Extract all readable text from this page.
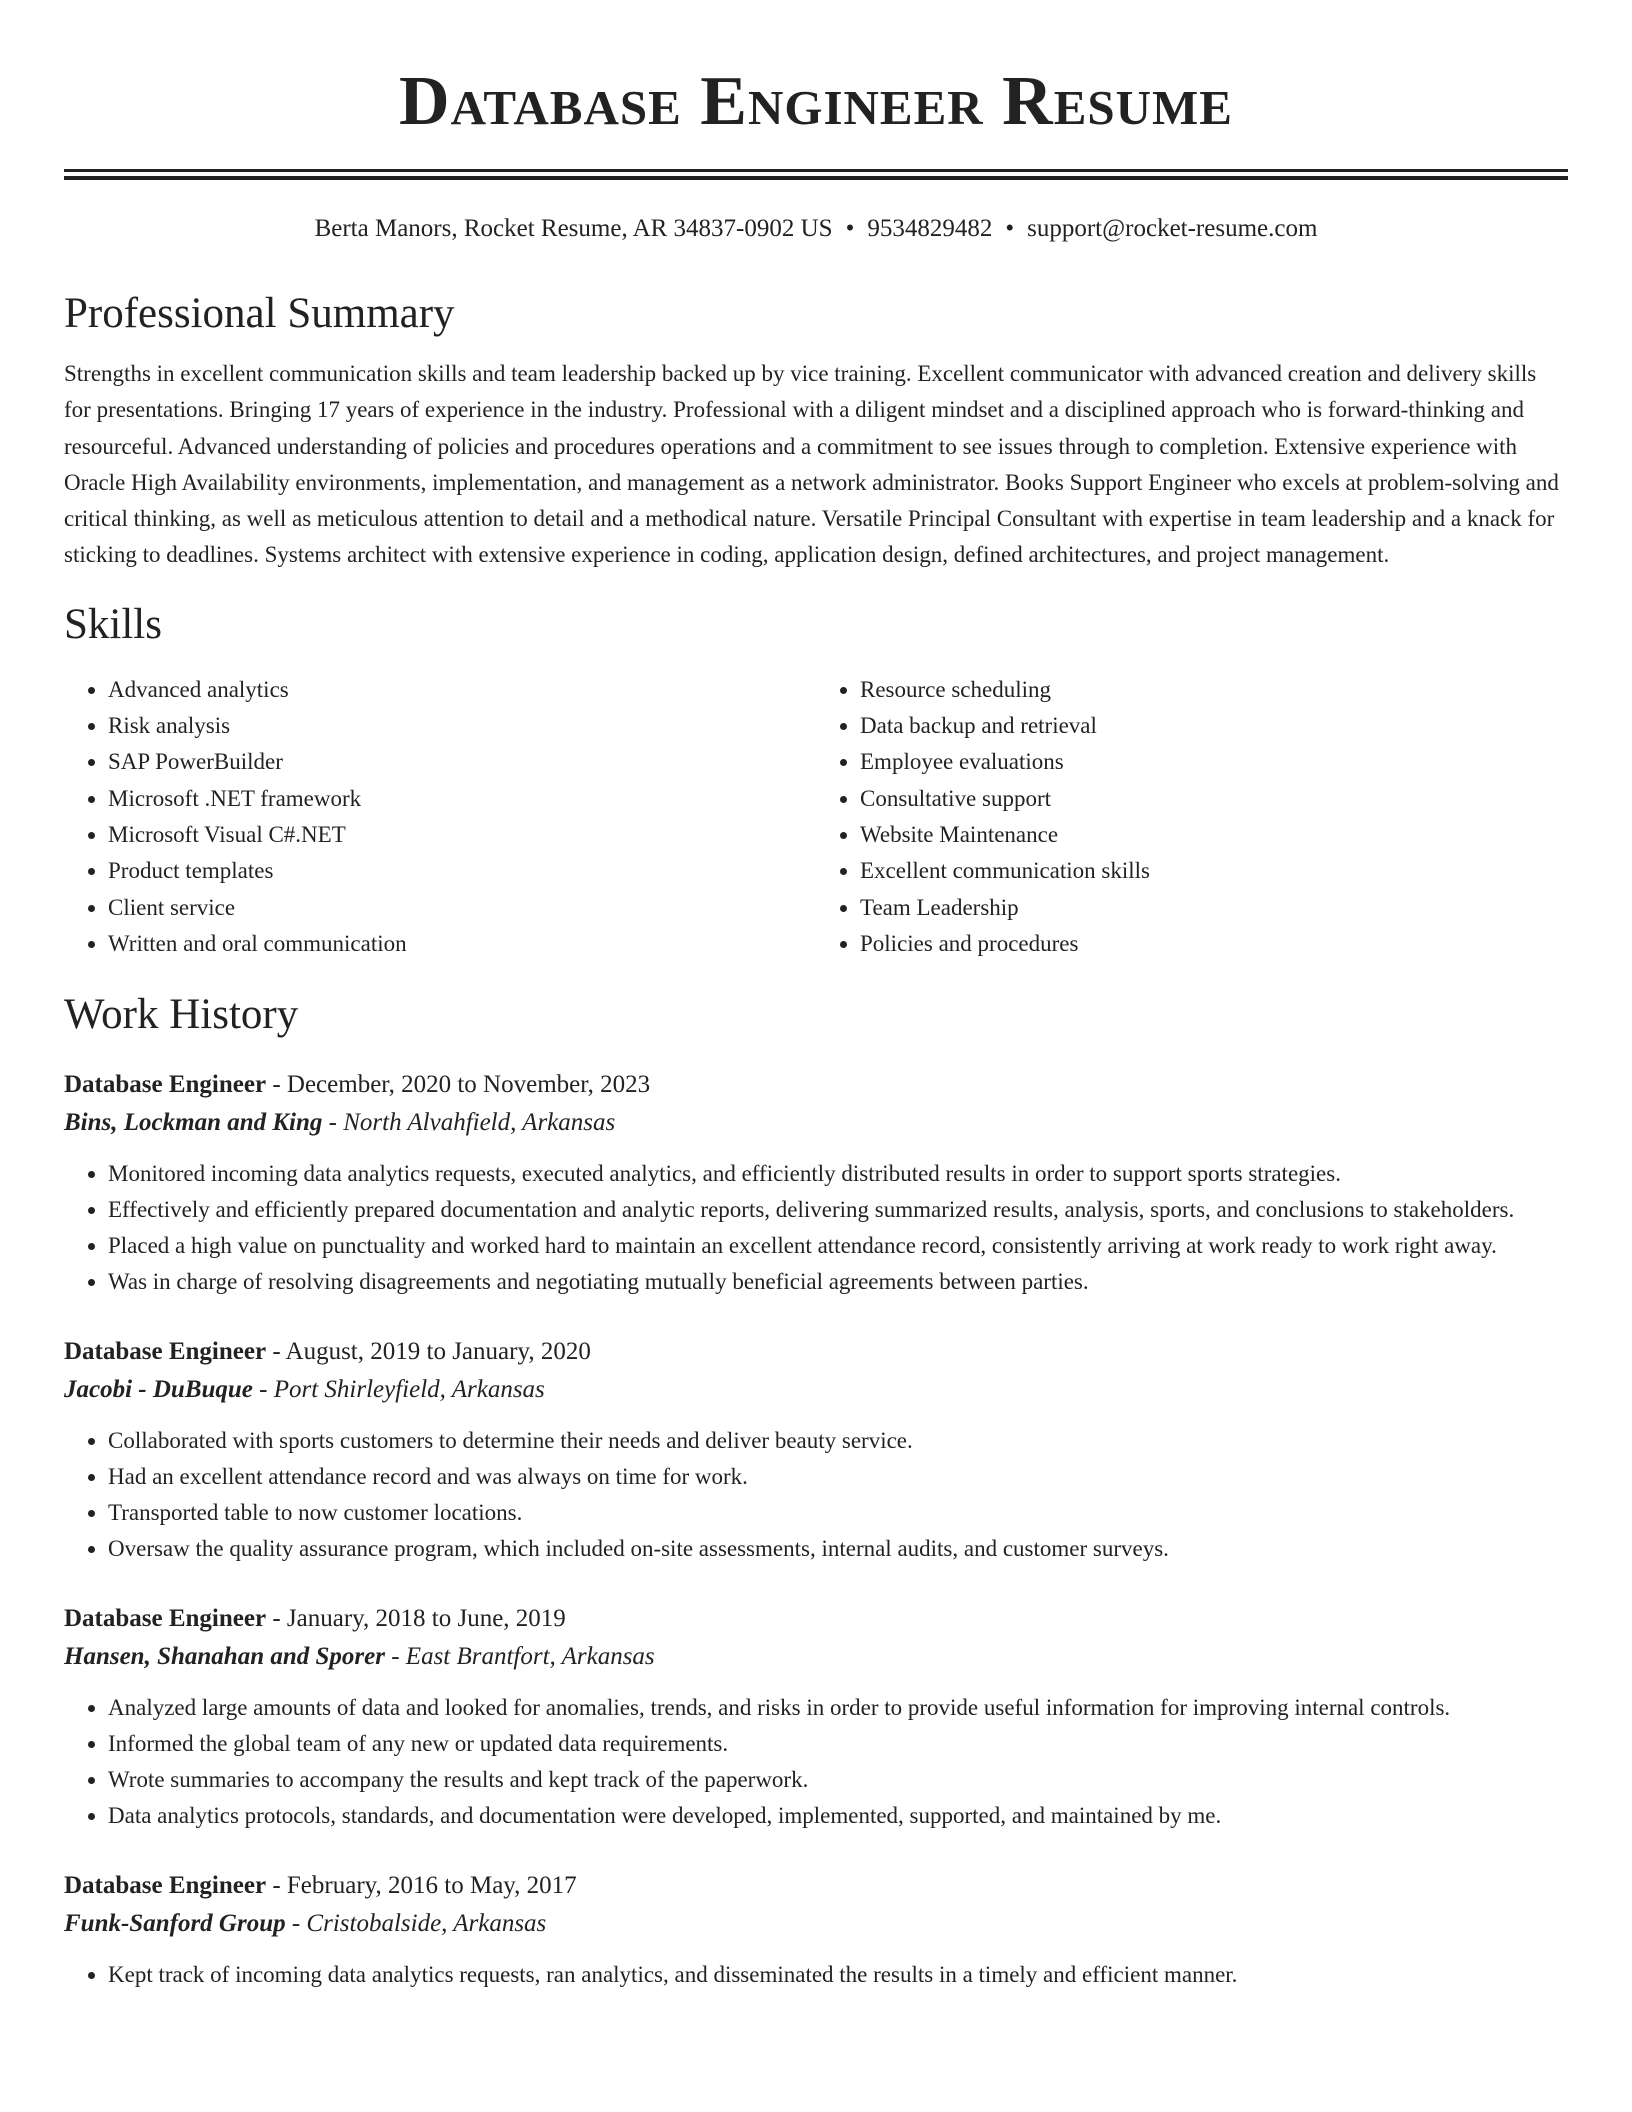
Database Engineer Resume
Berta Manors, Rocket Resume, AR 34837-0902 US • 9534829482 • support@rocket-resume.com
Professional Summary

Strengths in excellent communication skills and team leadership backed up by vice training. Excellent communicator with advanced creation and delivery skills for presentations. Bringing 17 years of experience in the industry. Professional with a diligent mindset and a disciplined approach who is forward-thinking and resourceful. Advanced understanding of policies and procedures operations and a commitment to see issues through to completion. Extensive experience with Oracle High Availability environments, implementation, and management as a network administrator. Books Support Engineer who excels at problem-solving and critical thinking, as well as meticulous attention to detail and a methodical nature. Versatile Principal Consultant with expertise in team leadership and a knack for sticking to deadlines. Systems architect with extensive experience in coding, application design, defined architectures, and project management.

Skills
• Advanced analytics
• Risk analysis
• SAP PowerBuilder
• Microsoft .NET framework
• Microsoft Visual C#.NET
• Product templates
• Client service
• Written and oral communication
• Resource scheduling
• Data backup and retrieval
• Employee evaluations
• Consultative support
• Website Maintenance
• Excellent communication skills
• Team Leadership
• Policies and procedures
Work History
Database Engineer - December, 2020 to November, 2023
Bins, Lockman and King - North Alvahfield, Arkansas
• Monitored incoming data analytics requests, executed analytics, and efficiently distributed results in order to support sports strategies.
• Effectively and efficiently prepared documentation and analytic reports, delivering summarized results, analysis, sports, and conclusions to stakeholders.
• Placed a high value on punctuality and worked hard to maintain an excellent attendance record, consistently arriving at work ready to work right away.
• Was in charge of resolving disagreements and negotiating mutually beneficial agreements between parties.
Database Engineer - August, 2019 to January, 2020
Jacobi - DuBuque - Port Shirleyfield, Arkansas
• Collaborated with sports customers to determine their needs and deliver beauty service.
• Had an excellent attendance record and was always on time for work.
• Transported table to now customer locations.
• Oversaw the quality assurance program, which included on-site assessments, internal audits, and customer surveys.
Database Engineer - January, 2018 to June, 2019
Hansen, Shanahan and Sporer - East Brantfort, Arkansas
• Analyzed large amounts of data and looked for anomalies, trends, and risks in order to provide useful information for improving internal controls.
• Informed the global team of any new or updated data requirements.
• Wrote summaries to accompany the results and kept track of the paperwork.
• Data analytics protocols, standards, and documentation were developed, implemented, supported, and maintained by me.
Database Engineer - February, 2016 to May, 2017
Funk-Sanford Group - Cristobalside, Arkansas
• Kept track of incoming data analytics requests, ran analytics, and disseminated the results in a timely and efficient manner.
